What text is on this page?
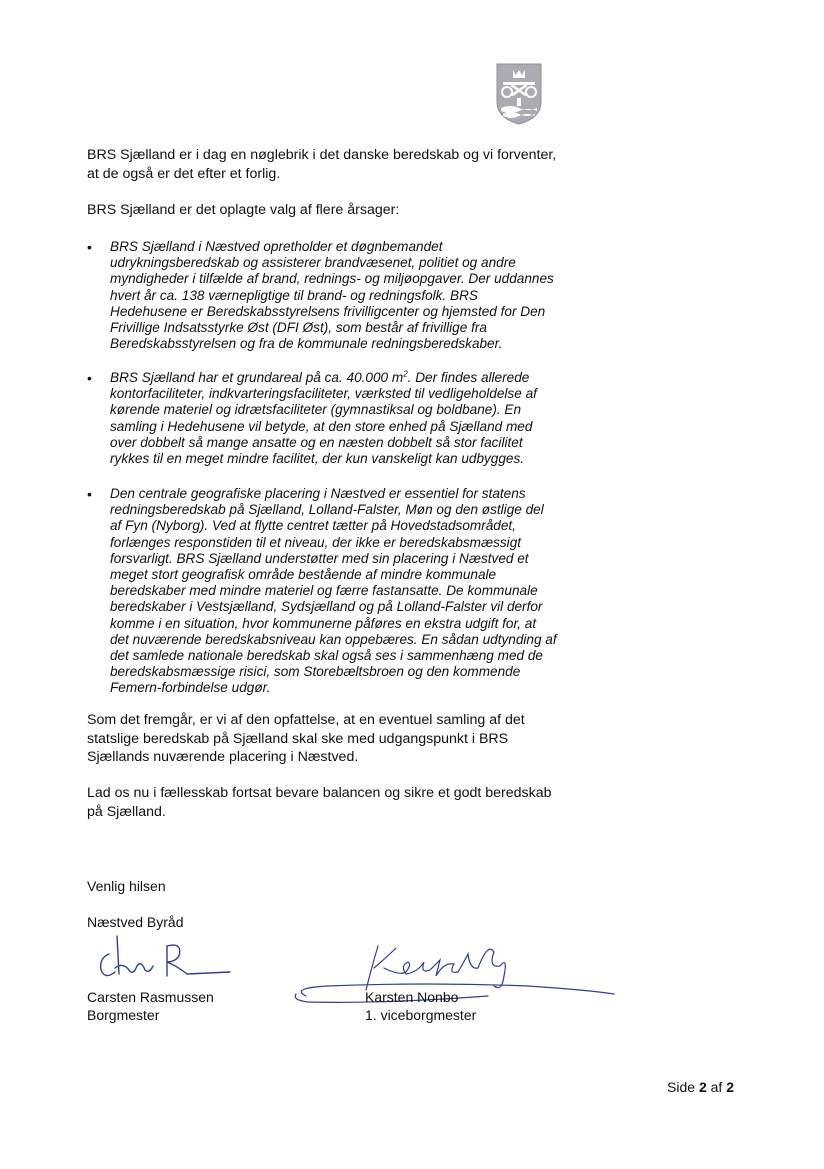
BRS Sjælland er i dag en nøglebrik i det danske beredskab og vi forventer, at de også er det efter et forlig.

BRS Sjælland er det oplagte valg af flere årsager:

• BRS Sjælland i Næstved opretholder et døgnbemandet udrykningsberedskab og assisterer brandvæsenet, politiet og andre myndigheder i tilfælde af brand, rednings- og miljøopgaver. Der uddannes hvert år ca. 138 værnepligtige til brand- og redningsfolk. BRS Hedehusene er Beredskabsstyrelsens frivilligcenter og hjemsted for Den Frivillige Indsatsstyrke Øst (DFI Øst), som består af frivillige fra Beredskabsstyrelsen og fra de kommunale redningsberedskaber.

• BRS Sjælland har et grundareal på ca. 40.000 $m^2$. Der findes allerede kontorfaciliteter, indkvarteringsfaciliteter, værksted til vedligeholdelse af kørende materiel og idrætsfaciliteter (gymnastiksal og boldbane). En samling i Hedehusene vil betyde, at den store enhed på Sjælland med over dobbelt så mange ansatte og en næsten dobbelt så stor facilitet rykkes til en meget mindre facilitet, der kun vanskeligt kan udbygges.

• Den centrale geografiske placering i Næstved er essentiel for statens redningsberedskab på Sjælland, Lolland-Falster, Møn og den østlige del af Fyn (Nyborg). Ved at flytte centret tætter på Hovedstadsområdet, forlænges responstiden til et niveau, der ikke er beredskabsmæssigt forsvarligt. BRS Sjælland understøtter med sin placering i Næstved et meget stort geografisk område bestående af mindre kommunale beredskaber med mindre materiel og færre fastansatte. De kommunale beredskaber i Vestsjælland, Sydsjælland og på Lolland-Falster vil derfor komme i en situation, hvor kommunerne påføres en ekstra udgift for, at det nuværende beredskabsniveau kan oppebæres. En sådan udtynding af det samlede nationale beredskab skal også ses i sammenhæng med de beredskabsmæssige risici, som Storebæltsbroen og den kommende Femern-forbindelse udgør.

Som det fremgår, er vi af den opfattelse, at en eventuel samling af det statslige beredskab på Sjælland skal ske med udgangspunkt i BRS Sjællands nuværende placering i Næstved.

Lad os nu i fællesskab fortsat bevare balancen og sikre et godt beredskab på Sjælland.

Venlig hilsen

Næstved Byråd

Carsten Rasmussen

Borgmester

Karsten Nonbo

1. viceborgmester

Side 2 af 2
